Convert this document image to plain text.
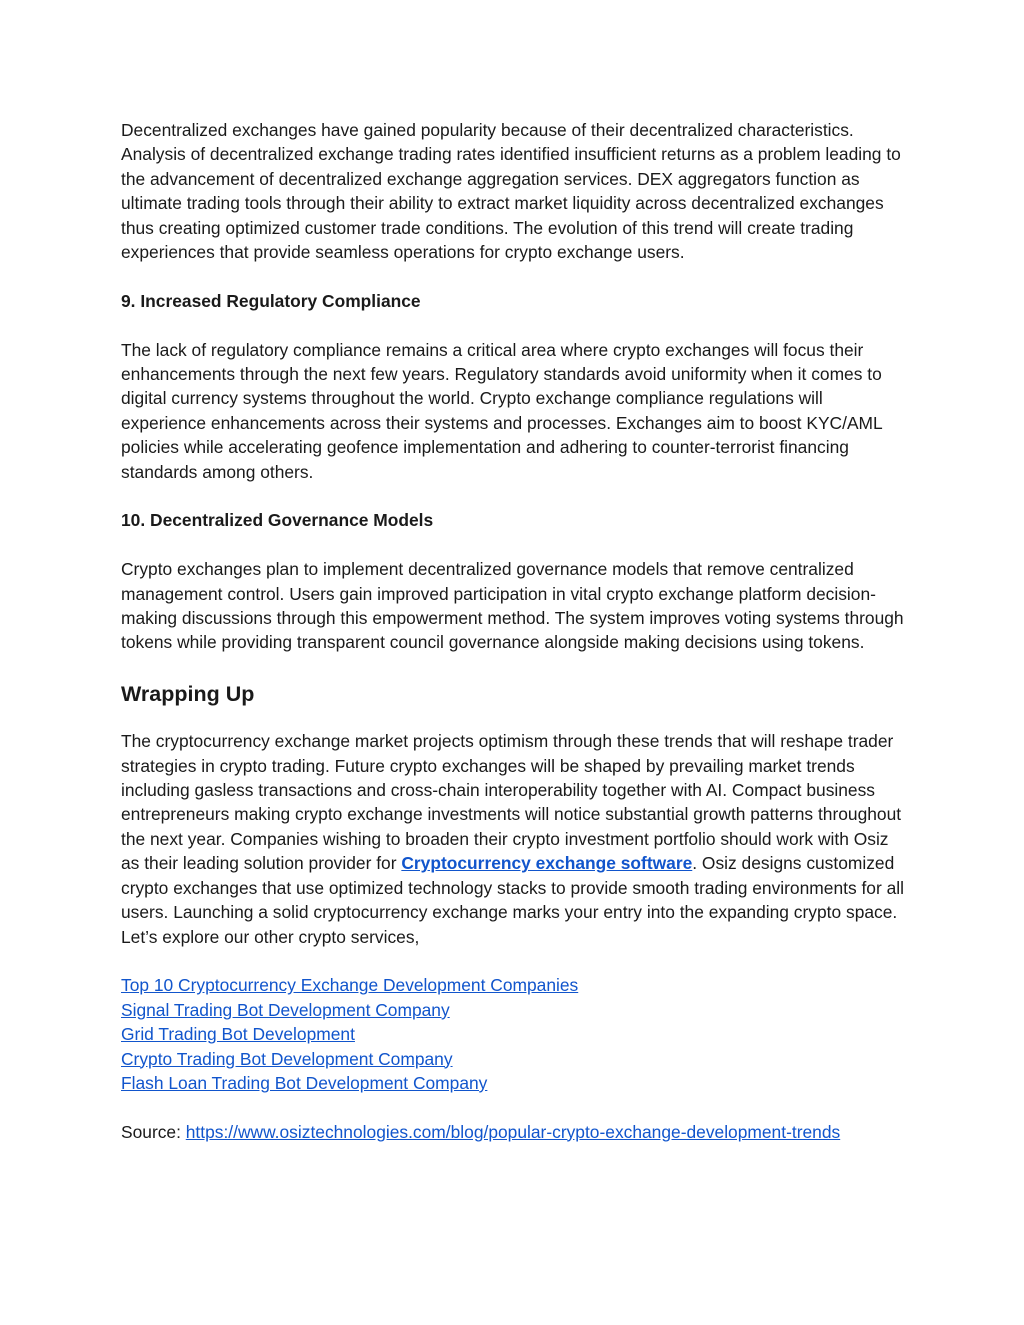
Decentralized exchanges have gained popularity because of their decentralized characteristics. Analysis of decentralized exchange trading rates identified insufficient returns as a problem leading to the advancement of decentralized exchange aggregation services. DEX aggregators function as ultimate trading tools through their ability to extract market liquidity across decentralized exchanges thus creating optimized customer trade conditions. The evolution of this trend will create trading experiences that provide seamless operations for crypto exchange users.

9. Increased Regulatory Compliance

The lack of regulatory compliance remains a critical area where crypto exchanges will focus their enhancements through the next few years. Regulatory standards avoid uniformity when it comes to digital currency systems throughout the world. Crypto exchange compliance regulations will experience enhancements across their systems and processes. Exchanges aim to boost KYC/AML policies while accelerating geofence implementation and adhering to counter-terrorist financing standards among others.

10. Decentralized Governance Models

Crypto exchanges plan to implement decentralized governance models that remove centralized management control. Users gain improved participation in vital crypto exchange platform decision-making discussions through this empowerment method. The system improves voting systems through tokens while providing transparent council governance alongside making decisions using tokens.

Wrapping Up

The cryptocurrency exchange market projects optimism through these trends that will reshape trader strategies in crypto trading. Future crypto exchanges will be shaped by prevailing market trends including gasless transactions and cross-chain interoperability together with AI. Compact business entrepreneurs making crypto exchange investments will notice substantial growth patterns throughout the next year. Companies wishing to broaden their crypto investment portfolio should work with Osiz as their leading solution provider for Cryptocurrency exchange software. Osiz designs customized crypto exchanges that use optimized technology stacks to provide smooth trading environments for all users. Launching a solid cryptocurrency exchange marks your entry into the expanding crypto space. Let’s explore our other crypto services,

Top 10 Cryptocurrency Exchange Development Companies
Signal Trading Bot Development Company
Grid Trading Bot Development
Crypto Trading Bot Development Company
Flash Loan Trading Bot Development Company

Source: https://www.osiztechnologies.com/blog/popular-crypto-exchange-development-trends
